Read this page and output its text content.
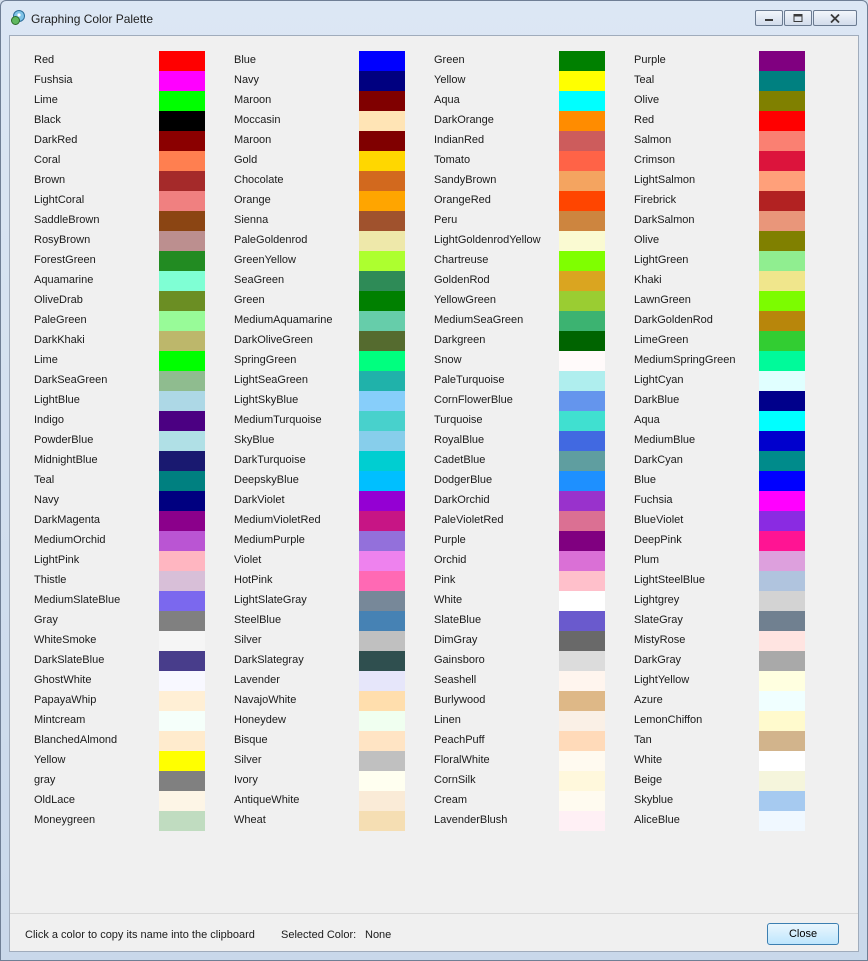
Graphing Color Palette
Red
Fushsia
Lime
Black
DarkRed
Coral
Brown
LightCoral
SaddleBrown
RosyBrown
ForestGreen
Aquamarine
OliveDrab
PaleGreen
DarkKhaki
Lime
DarkSeaGreen
LightBlue
Indigo
PowderBlue
MidnightBlue
Teal
Navy
DarkMagenta
MediumOrchid
LightPink
Thistle
MediumSlateBlue
Gray
WhiteSmoke
DarkSlateBlue
GhostWhite
PapayaWhip
Mintcream
BlanchedAlmond
Yellow
gray
OldLace
Moneygreen
Blue
Navy
Maroon
Moccasin
Maroon
Gold
Chocolate
Orange
Sienna
PaleGoldenrod
GreenYellow
SeaGreen
Green
MediumAquamarine
DarkOliveGreen
SpringGreen
LightSeaGreen
LightSkyBlue
MediumTurquoise
SkyBlue
DarkTurquoise
DeepskyBlue
DarkViolet
MediumVioletRed
MediumPurple
Violet
HotPink
LightSlateGray
SteelBlue
Silver
DarkSlategray
Lavender
NavajoWhite
Honeydew
Bisque
Silver
Ivory
AntiqueWhite
Wheat
Green
Yellow
Aqua
DarkOrange
IndianRed
Tomato
SandyBrown
OrangeRed
Peru
LightGoldenrodYellow
Chartreuse
GoldenRod
YellowGreen
MediumSeaGreen
Darkgreen
Snow
PaleTurquoise
CornFlowerBlue
Turquoise
RoyalBlue
CadetBlue
DodgerBlue
DarkOrchid
PaleVioletRed
Purple
Orchid
Pink
White
SlateBlue
DimGray
Gainsboro
Seashell
Burlywood
Linen
PeachPuff
FloralWhite
CornSilk
Cream
LavenderBlush
Purple
Teal
Olive
Red
Salmon
Crimson
LightSalmon
Firebrick
DarkSalmon
Olive
LightGreen
Khaki
LawnGreen
DarkGoldenRod
LimeGreen
MediumSpringGreen
LightCyan
DarkBlue
Aqua
MediumBlue
DarkCyan
Blue
Fuchsia
BlueViolet
DeepPink
Plum
LightSteelBlue
Lightgrey
SlateGray
MistyRose
DarkGray
LightYellow
Azure
LemonChiffon
Tan
White
Beige
Skyblue
AliceBlue
Click a color to copy its name into the clipboard Selected Color: None	Close
